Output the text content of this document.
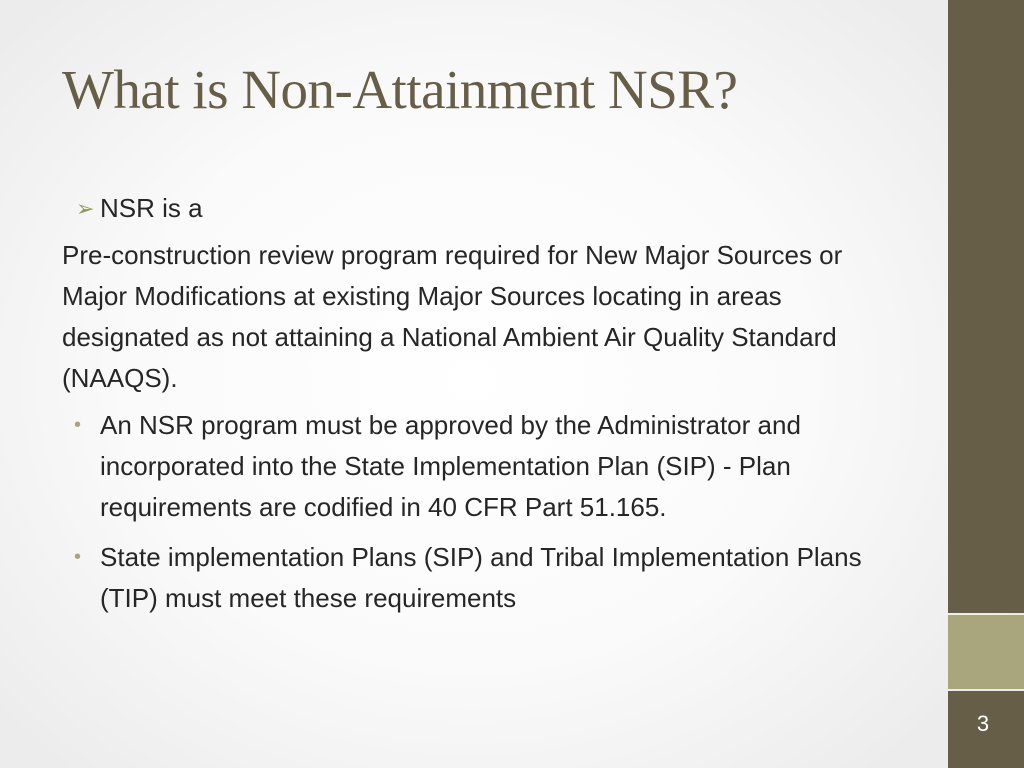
What is Non-Attainment NSR?
➢ NSR is a
Pre-construction review program required for New Major Sources or Major Modifications at existing Major Sources locating in areas designated as not attaining a National Ambient Air Quality Standard (NAAQS).
• An NSR program must be approved by the Administrator and incorporated into the State Implementation Plan (SIP) - Plan requirements are codified in 40 CFR Part 51.165.
• State implementation Plans (SIP) and Tribal Implementation Plans (TIP) must meet these requirements
3
